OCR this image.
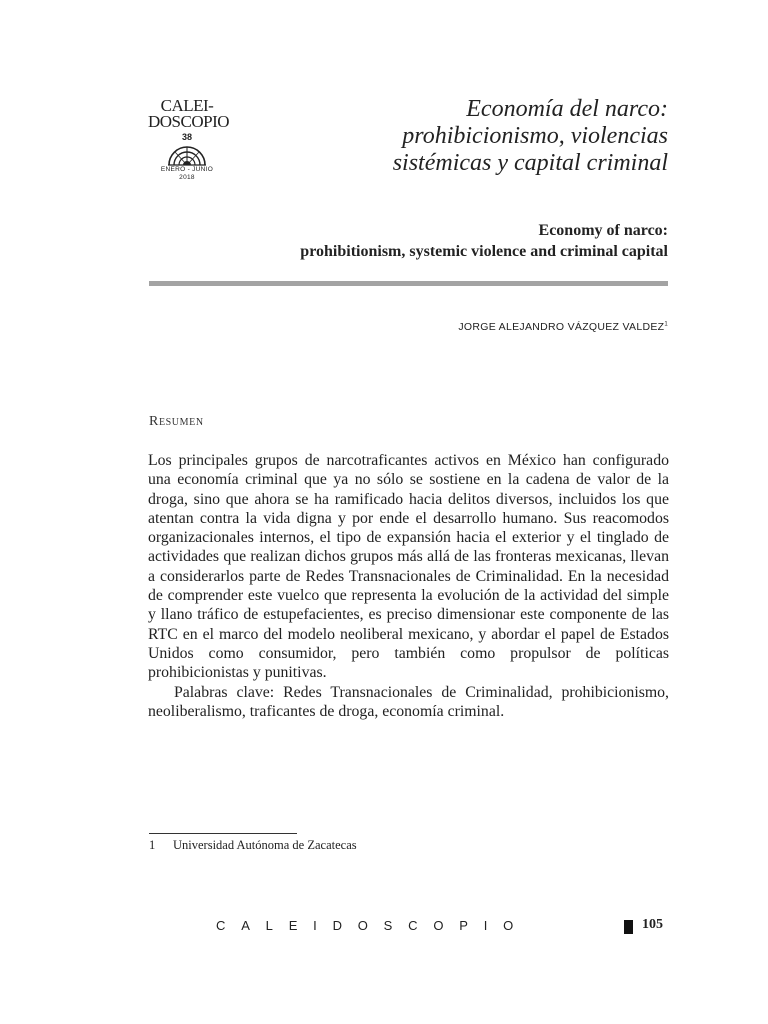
CALEI-
DOSCOPIO
38
ENERO - JUNIO
2018
Economía del narco:
prohibicionismo, violencias
sistémicas y capital criminal
Economy of narco:
prohibitionism, systemic violence and criminal capital
JORGE ALEJANDRO VÁZQUEZ VALDEZ$^1$
Resumen

Los principales grupos de narcotraficantes activos en México han configurado una economía criminal que ya no sólo se sostiene en la cadena de valor de la droga, sino que ahora se ha ramificado hacia delitos diversos, incluidos los que atentan contra la vida digna y por ende el desarrollo humano. Sus reacomodos organizacionales internos, el tipo de expansión hacia el exterior y el tinglado de actividades que realizan dichos grupos más allá de las fronteras mexicanas, llevan a considerarlos parte de Redes Transnacionales de Criminalidad. En la necesidad de comprender este vuelco que representa la evolución de la actividad del simple y llano tráfico de estupefacientes, es preciso dimensionar este componente de las RTC en el marco del modelo neoliberal mexicano, y abordar el papel de Estados Unidos como consumidor, pero también como propulsor de políticas prohibicionistas y punitivas.

Palabras clave: Redes Transnacionales de Criminalidad, prohibicionismo, neoliberalismo, traficantes de droga, economía criminal.

1 Universidad Autónoma de Zacatecas
CALEIDOSCOPIO	105
